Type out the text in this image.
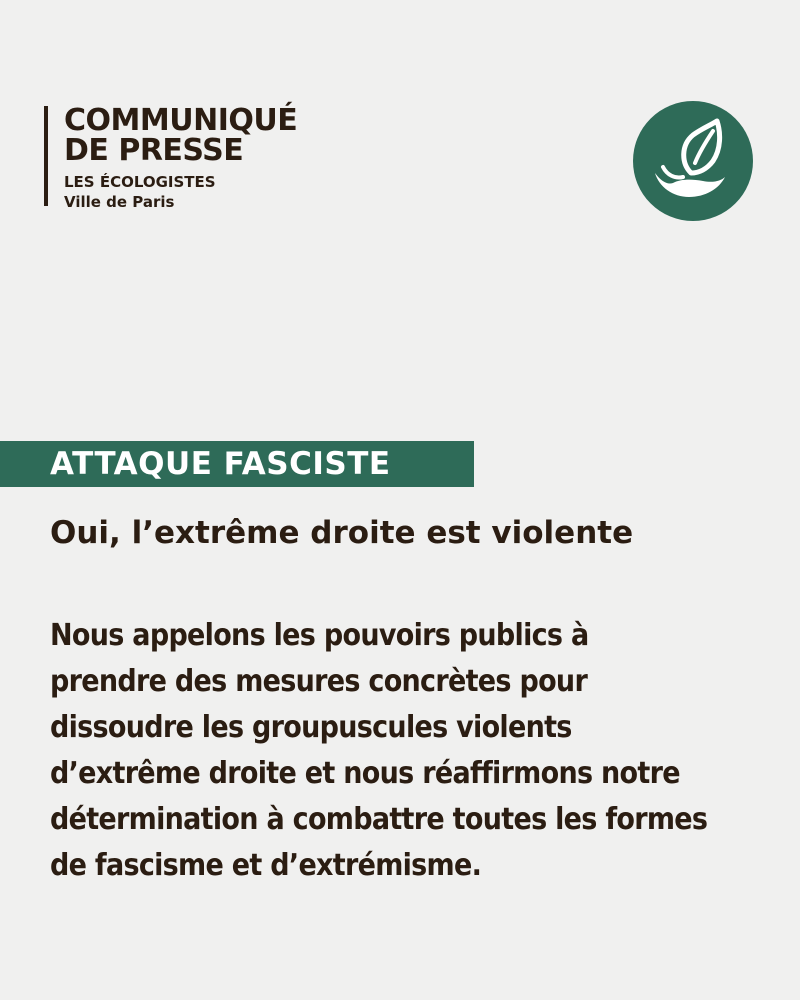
COMMUNIQUÉ
DE PRESSE
LES ÉCOLOGISTES
Ville de Paris
ATTAQUE FASCISTE
Oui, l’extrême droite est violente
Nous appelons les pouvoirs publics à
prendre des mesures concrètes pour
dissoudre les groupuscules violents
d’extrême droite et nous réaffirmons notre
détermination à combattre toutes les formes
de fascisme et d’extrémisme.
